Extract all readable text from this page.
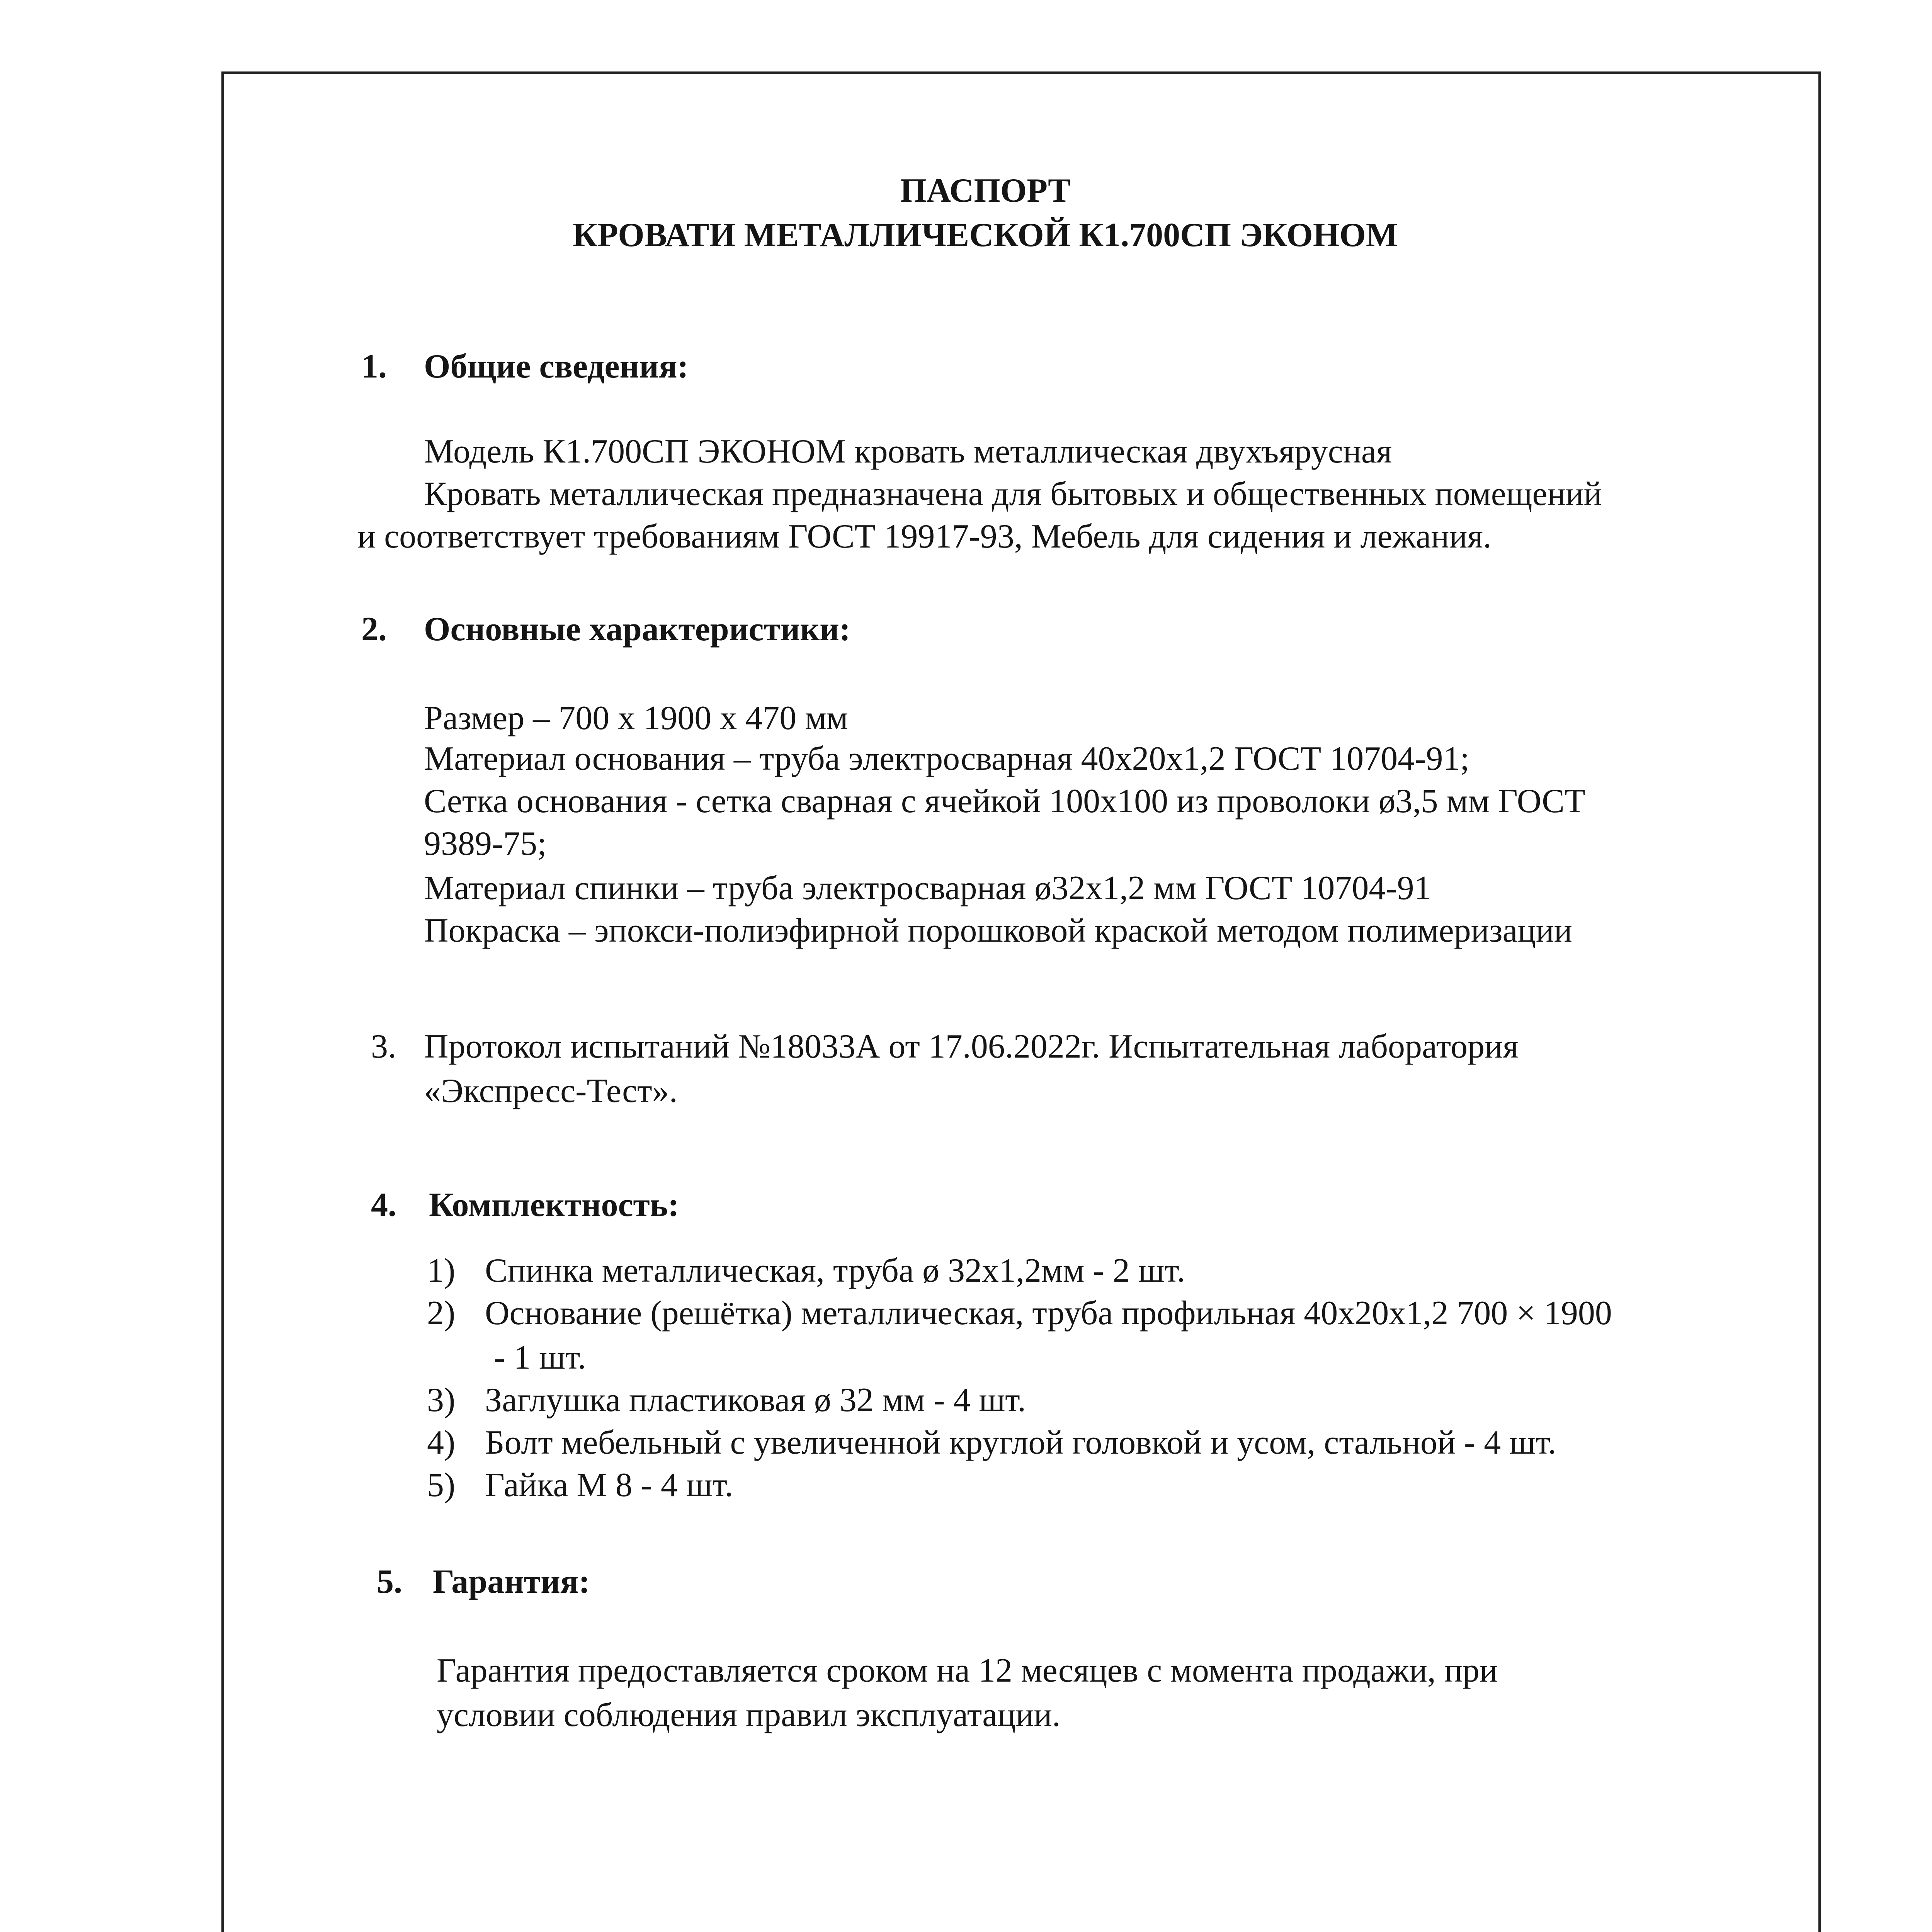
ПАСПОРТ
КРОВАТИ МЕТАЛЛИЧЕСКОЙ К1.700СП ЭКОНОМ
1. Общие сведения:
Модель К1.700СП ЭКОНОМ кровать металлическая двухъярусная
Кровать металлическая предназначена для бытовых и общественных помещений
и соответствует требованиям ГОСТ 19917-93, Мебель для сидения и лежания.
2. Основные характеристики:
Размер – 700 х 1900 х 470 мм
Материал основания – труба электросварная 40х20х1,2 ГОСТ 10704-91;
Сетка основания - сетка сварная с ячейкой 100х100 из проволоки ø3,5 мм ГОСТ
9389-75;
Материал спинки – труба электросварная ø32х1,2 мм ГОСТ 10704-91
Покраска – эпокси-полиэфирной порошковой краской методом полимеризации
3. Протокол испытаний №18033А от 17.06.2022г. Испытательная лаборатория
«Экспресс-Тест».
4. Комплектность:
1) Спинка металлическая, труба ø 32х1,2мм - 2 шт.
2) Основание (решётка) металлическая, труба профильная 40х20х1,2 700 × 1900
- 1 шт.
3) Заглушка пластиковая ø 32 мм - 4 шт.
4) Болт мебельный с увеличенной круглой головкой и усом, стальной - 4 шт.
5) Гайка М 8 - 4 шт.
5. Гарантия:
Гарантия предоставляется сроком на 12 месяцев с момента продажи, при
условии соблюдения правил эксплуатации.
